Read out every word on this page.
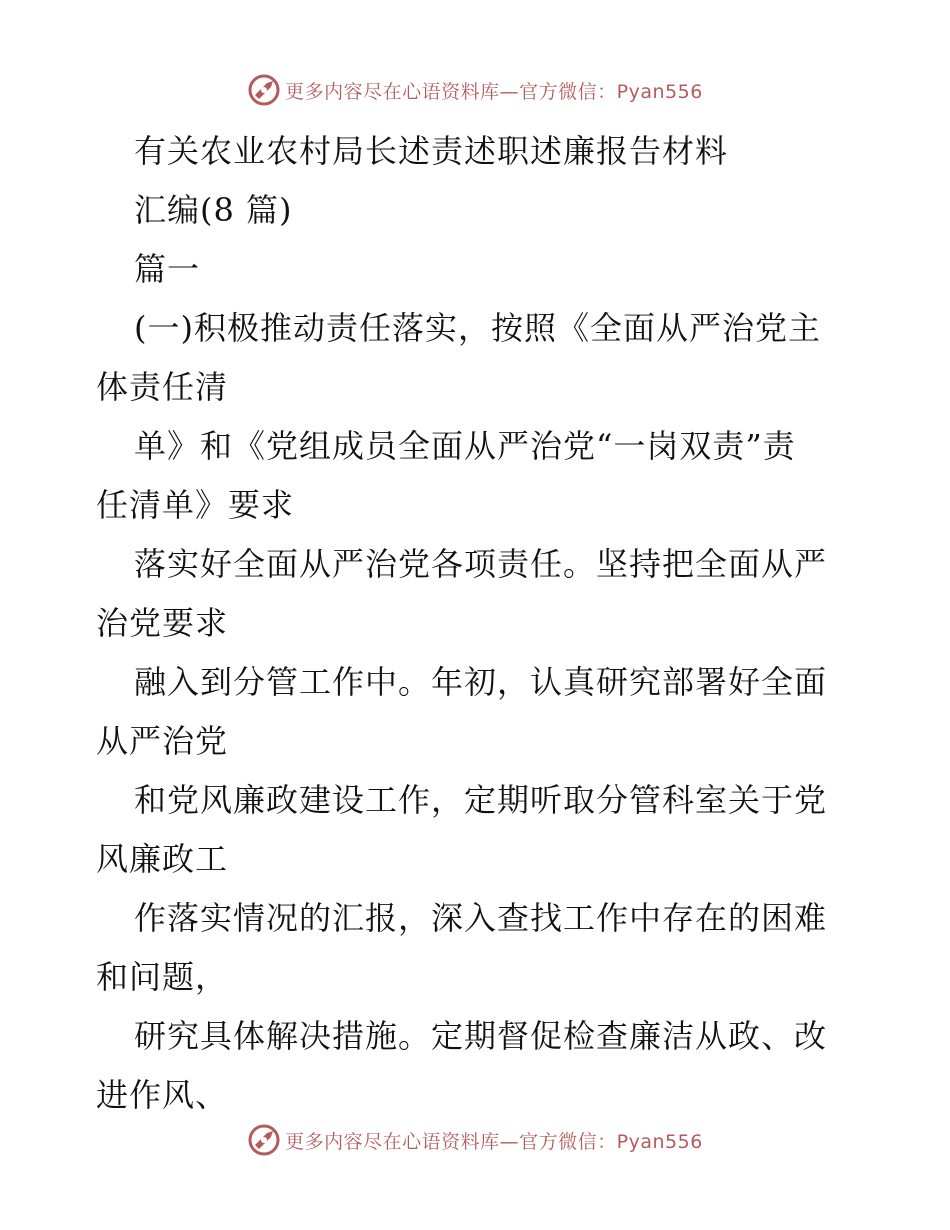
更多内容尽在心语资料库—官方微信：Pyan556
有关农业农村局长述责述职述廉报告材料
汇编(8 篇)
篇一
(一)积极推动责任落实，按照《全面从严治党主
体责任清
单》和《党组成员全面从严治党“一岗双责”责
任清单》要求
落实好全面从严治党各项责任。坚持把全面从严
治党要求
融入到分管工作中。年初，认真研究部署好全面
从严治党
和党风廉政建设工作，定期听取分管科室关于党
风廉政工
作落实情况的汇报，深入查找工作中存在的困难
和问题，
研究具体解决措施。定期督促检查廉洁从政、改
进作风、
更多内容尽在心语资料库—官方微信：Pyan556
